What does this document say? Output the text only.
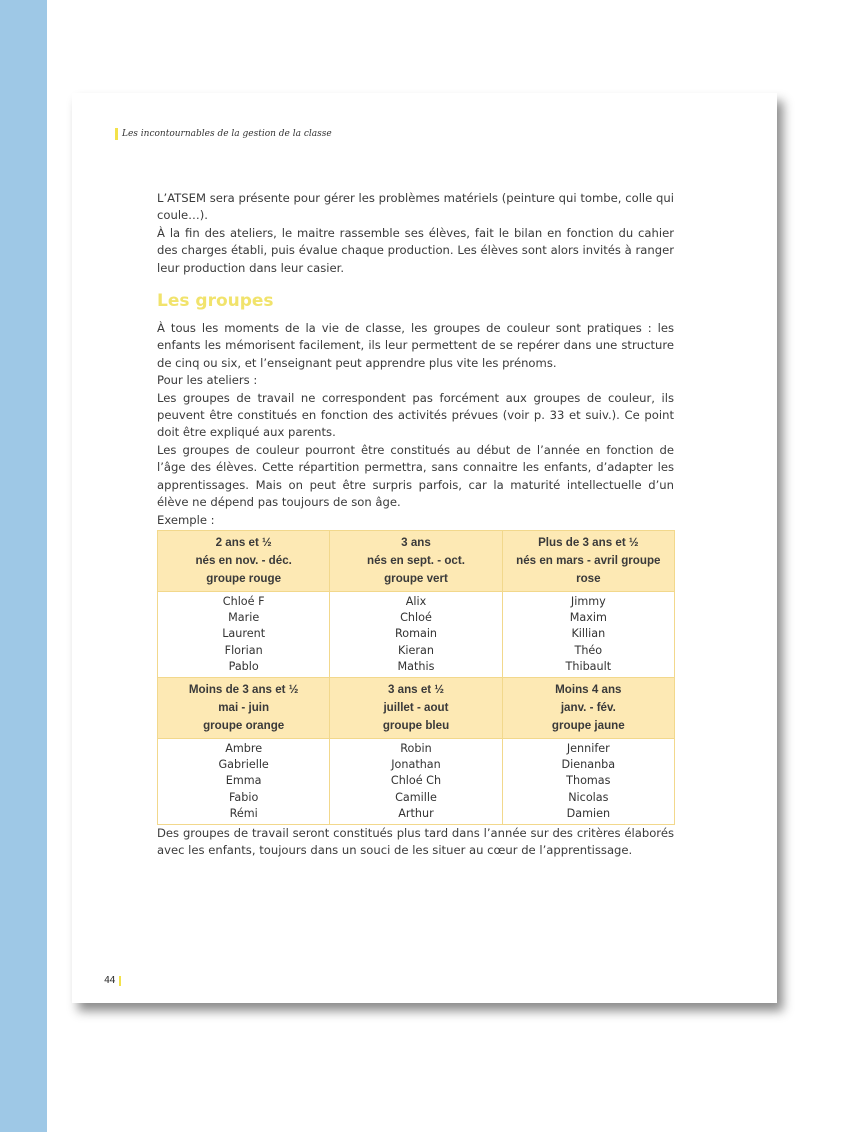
Les incontournables de la gestion de la classe

L’ATSEM sera présente pour gérer les problèmes matériels (peinture qui tombe, colle qui coule…).

À la fin des ateliers, le maitre rassemble ses élèves, fait le bilan en fonction du cahier des charges établi, puis évalue chaque production. Les élèves sont alors invités à ranger leur production dans leur casier.

Les groupes

À tous les moments de la vie de classe, les groupes de couleur sont pratiques : les enfants les mémorisent facilement, ils leur permettent de se repérer dans une structure de cinq ou six, et l’enseignant peut apprendre plus vite les prénoms.

Pour les ateliers :

Les groupes de travail ne correspondent pas forcément aux groupes de couleur, ils peuvent être constitués en fonction des activités prévues (voir p. 33 et suiv.). Ce point doit être expliqué aux parents.

Les groupes de couleur pourront être constitués au début de l’année en fonction de l’âge des élèves. Cette répartition permettra, sans connaitre les enfants, d’adapter les apprentissages. Mais on peut être surpris parfois, car la maturité intellectuelle d’un élève ne dépend pas toujours de son âge.

Exemple :

2 ans et ½
nés en nov. - déc.
groupe rouge	3 ans
nés en sept. - oct.
groupe vert	Plus de 3 ans et ½
nés en mars - avril groupe
rose

Chloé F
Marie
Laurent
Florian
Pablo	Alix
Chloé
Romain
Kieran
Mathis	Jimmy
Maxim
Killian
Théo
Thibault

Moins de 3 ans et ½
mai - juin
groupe orange	3 ans et ½
juillet - aout
groupe bleu	Moins 4 ans
janv. - fév.
groupe jaune

Ambre
Gabrielle
Emma
Fabio
Rémi	Robin
Jonathan
Chloé Ch
Camille
Arthur	Jennifer
Dienanba
Thomas
Nicolas
Damien

Des groupes de travail seront constitués plus tard dans l’année sur des critères élaborés avec les enfants, toujours dans un souci de les situer au cœur de l’apprentissage.

44
